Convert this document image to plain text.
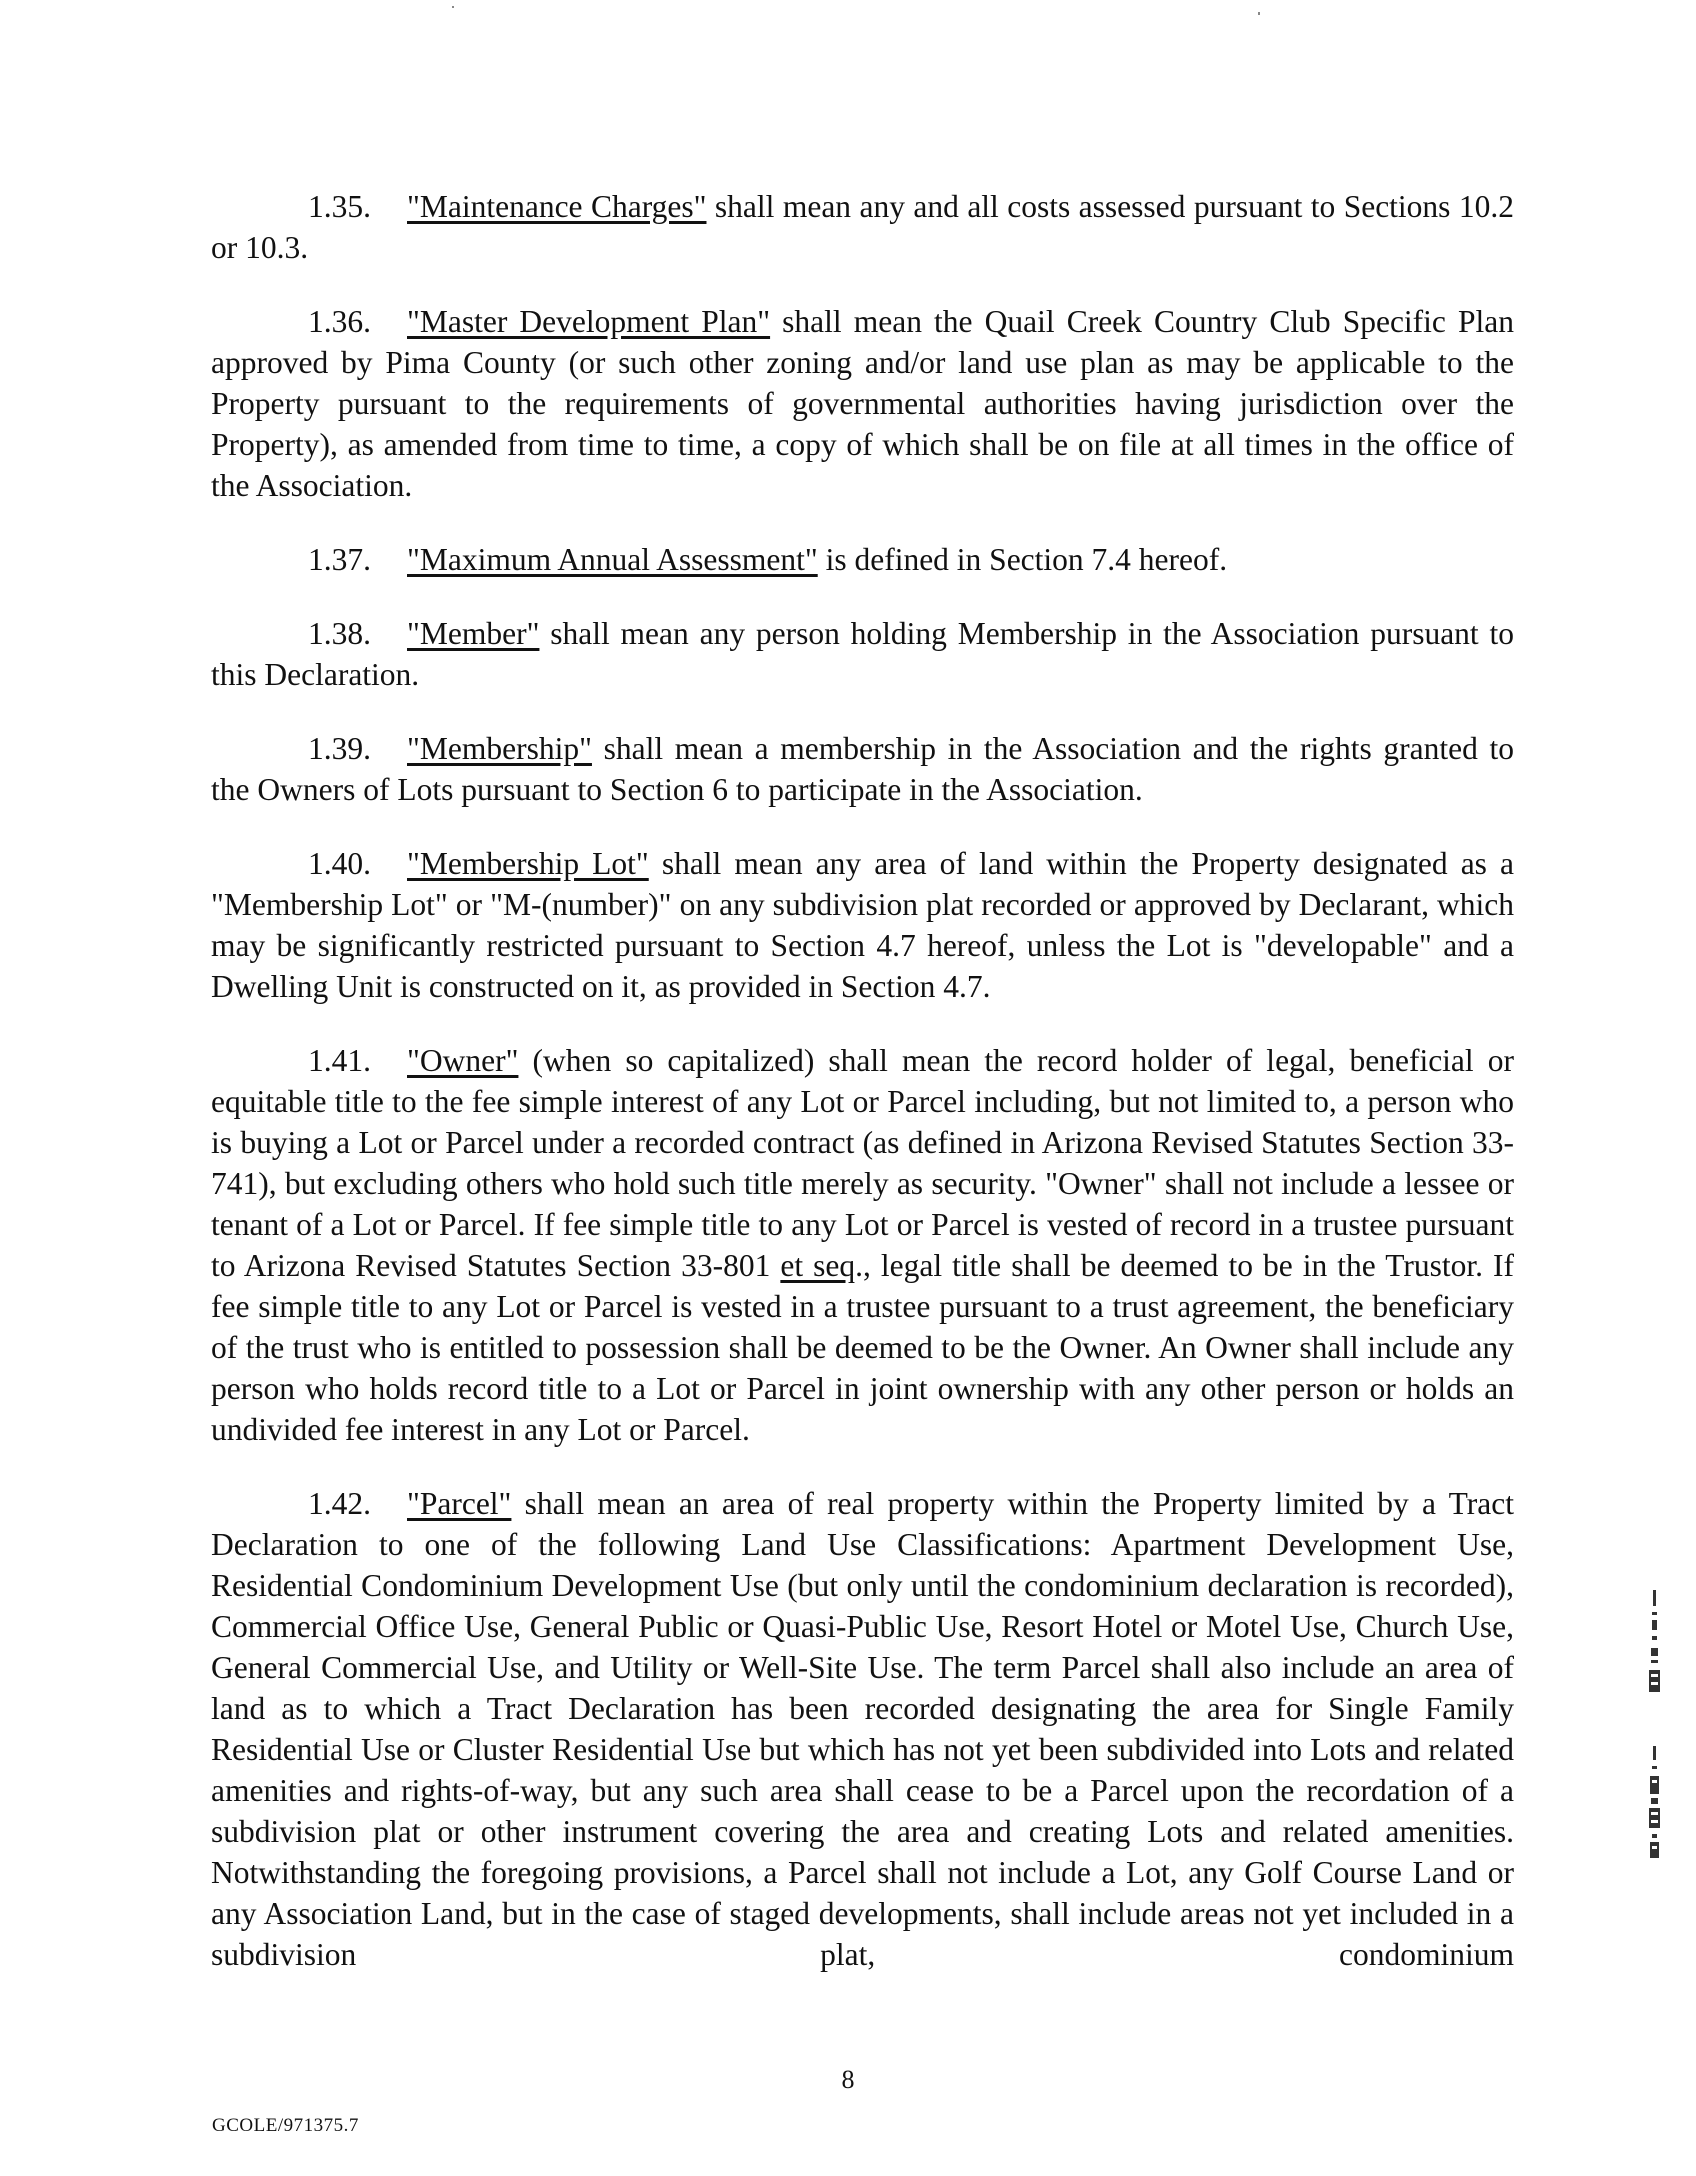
1.35. "Maintenance Charges" shall mean any and all costs assessed pursuant to Sections 10.2 or 10.3.

1.36. "Master Development Plan" shall mean the Quail Creek Country Club Specific Plan approved by Pima County (or such other zoning and/or land use plan as may be applicable to the Property pursuant to the requirements of governmental authorities having jurisdiction over the Property), as amended from time to time, a copy of which shall be on file at all times in the office of the Association.

1.37. "Maximum Annual Assessment" is defined in Section 7.4 hereof.

1.38. "Member" shall mean any person holding Membership in the Association pursuant to this Declaration.

1.39. "Membership" shall mean a membership in the Association and the rights granted to the Owners of Lots pursuant to Section 6 to participate in the Association.

1.40. "Membership Lot" shall mean any area of land within the Property designated as a "Membership Lot" or "M-(number)" on any subdivision plat recorded or approved by Declarant, which may be significantly restricted pursuant to Section 4.7 hereof, unless the Lot is "developable" and a Dwelling Unit is constructed on it, as provided in Section 4.7.

1.41. "Owner" (when so capitalized) shall mean the record holder of legal, beneficial or equitable title to the fee simple interest of any Lot or Parcel including, but not limited to, a person who is buying a Lot or Parcel under a recorded contract (as defined in Arizona Revised Statutes Section 33-741), but excluding others who hold such title merely as security. "Owner" shall not include a lessee or tenant of a Lot or Parcel. If fee simple title to any Lot or Parcel is vested of record in a trustee pursuant to Arizona Revised Statutes Section 33-801 et seq., legal title shall be deemed to be in the Trustor. If fee simple title to any Lot or Parcel is vested in a trustee pursuant to a trust agreement, the beneficiary of the trust who is entitled to possession shall be deemed to be the Owner. An Owner shall include any person who holds record title to a Lot or Parcel in joint ownership with any other person or holds an undivided fee interest in any Lot or Parcel.

1.42. "Parcel" shall mean an area of real property within the Property limited by a Tract Declaration to one of the following Land Use Classifications: Apartment Development Use, Residential Condominium Development Use (but only until the condominium declaration is recorded), Commercial Office Use, General Public or Quasi-Public Use, Resort Hotel or Motel Use, Church Use, General Commercial Use, and Utility or Well-Site Use. The term Parcel shall also include an area of land as to which a Tract Declaration has been recorded designating the area for Single Family Residential Use or Cluster Residential Use but which has not yet been subdivided into Lots and related amenities and rights-of-way, but any such area shall cease to be a Parcel upon the recordation of a subdivision plat or other instrument covering the area and creating Lots and related amenities. Notwithstanding the foregoing provisions, a Parcel shall not include a Lot, any Golf Course Land or any Association Land, but in the case of staged developments, shall include areas not yet included in a subdivision plat, condominium

8
GCOLE/971375.7
